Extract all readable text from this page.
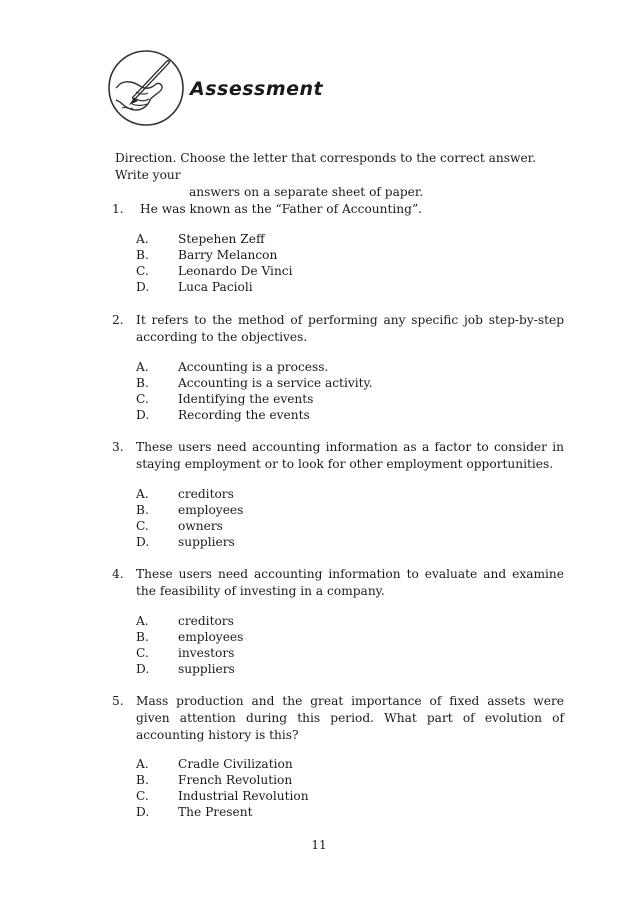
Assessment
Direction. Choose the letter that corresponds to the correct answer. Write your
answers on a separate sheet of paper.
1. He was known as the “Father of Accounting”.
A. Stepehen Zeff
B. Barry Melancon
C. Leonardo De Vinci
D. Luca Pacioli
2. It refers to the method of performing any specific job step-by-step according to the objectives.
A. Accounting is a process.
B. Accounting is a service activity.
C. Identifying the events
D. Recording the events
3. These users need accounting information as a factor to consider in staying employment or to look for other employment opportunities.
A. creditors
B. employees
C. owners
D. suppliers
4. These users need accounting information to evaluate and examine the feasibility of investing in a company.
A. creditors
B. employees
C. investors
D. suppliers
5. Mass production and the great importance of fixed assets were given attention during this period. What part of evolution of accounting history is this?
A. Cradle Civilization
B. French Revolution
C. Industrial Revolution
D. The Present
11
